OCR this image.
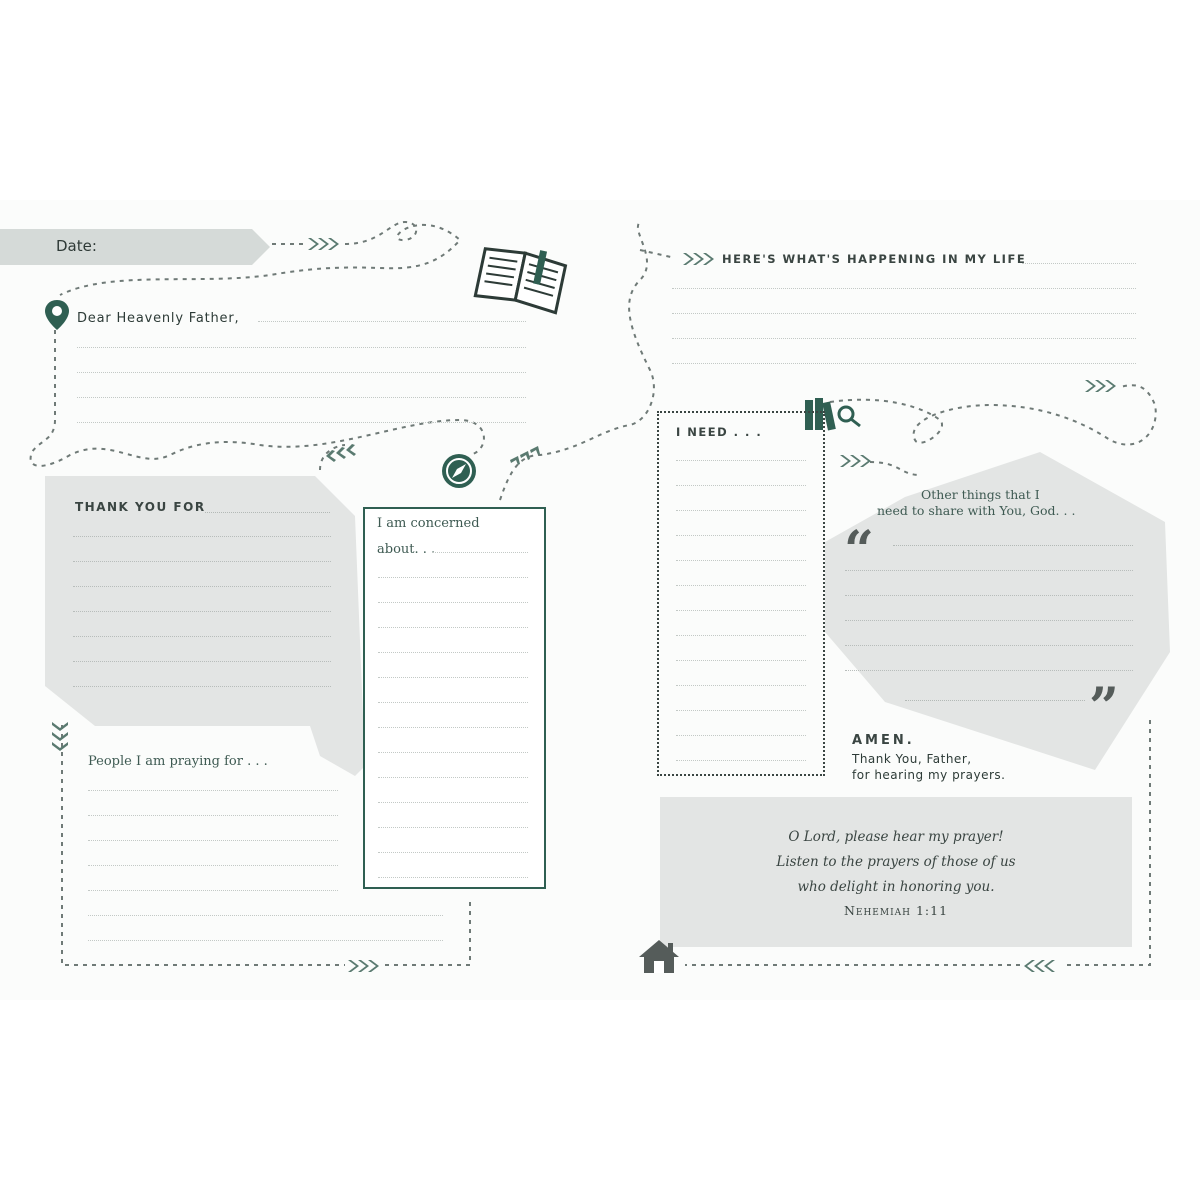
Date:
Dear Heavenly Father,
THANK YOU FOR
I am concerned
about. . .
People I am praying for . . .
HERE'S WHAT'S HAPPENING IN MY LIFE
I NEED . . .
Other things that I
need to share with You, God. . .
“
”
AMEN.
Thank You, Father,
for hearing my prayers.
O Lord, please hear my prayer!
Listen to the prayers of those of us
who delight in honoring you.
Nehemiah 1:11
